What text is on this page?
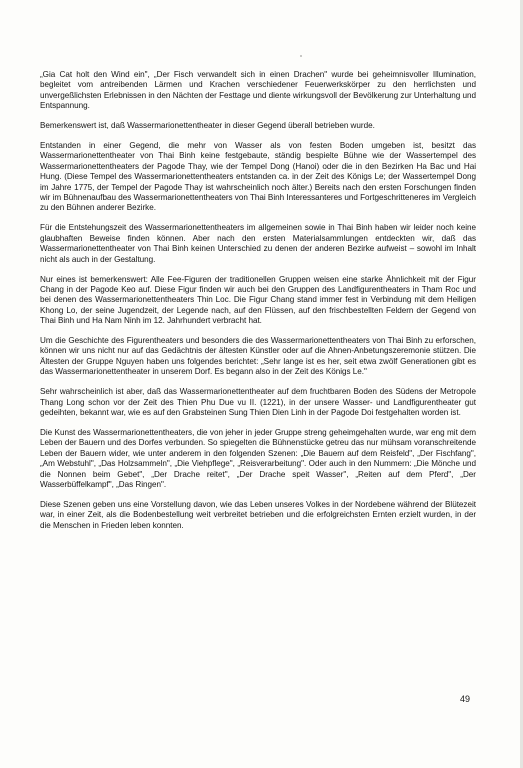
„Gia Cat holt den Wind ein", „Der Fisch verwandelt sich in einen Drachen" wurde bei geheimnisvoller Illumination, begleitet vom antreibenden Lärmen und Krachen verschiedener Feuerwerkskörper zu den herrlichsten und unvergeßlichsten Erlebnissen in den Nächten der Festtage und diente wirkungsvoll der Bevölkerung zur Unterhaltung und Entspannung.

Bemerkenswert ist, daß Wassermarionettentheater in dieser Gegend überall betrieben wurde.

Entstanden in einer Gegend, die mehr von Wasser als von festen Boden umgeben ist, besitzt das Wassermarionettentheater von Thai Binh keine festgebaute, ständig bespielte Bühne wie der Wassertempel des Wassermarionettentheaters der Pagode Thay, wie der Tempel Dong (Hanoi) oder die in den Bezirken Ha Bac und Hai Hung. (Diese Tempel des Wassermarionettentheaters entstanden ca. in der Zeit des Königs Le; der Wassertempel Dong im Jahre 1775, der Tempel der Pagode Thay ist wahrscheinlich noch älter.) Bereits nach den ersten Forschungen finden wir im Bühnenaufbau des Wassermarionettentheaters von Thai Binh Interessanteres und Fortgeschritteneres im Vergleich zu den Bühnen anderer Bezirke.

Für die Entstehungszeit des Wassermarionettentheaters im allgemeinen sowie in Thai Binh haben wir leider noch keine glaubhaften Beweise finden können. Aber nach den ersten Materialsammlungen entdeckten wir, daß das Wassermarionettentheater von Thai Binh keinen Unterschied zu denen der anderen Bezirke aufweist – sowohl im Inhalt nicht als auch in der Gestaltung.

Nur eines ist bemerkenswert: Alle Fee-Figuren der traditionellen Gruppen weisen eine starke Ähnlichkeit mit der Figur Chang in der Pagode Keo auf. Diese Figur finden wir auch bei den Gruppen des Landfigurentheaters in Tham Roc und bei denen des Wassermarionettentheaters Thin Loc. Die Figur Chang stand immer fest in Verbindung mit dem Heiligen Khong Lo, der seine Jugendzeit, der Legende nach, auf den Flüssen, auf den frischbestellten Feldern der Gegend von Thai Binh und Ha Nam Ninh im 12. Jahrhundert verbracht hat.

Um die Geschichte des Figurentheaters und besonders die des Wassermarionettentheaters von Thai Binh zu erforschen, können wir uns nicht nur auf das Gedächtnis der ältesten Künstler oder auf die Ahnen-Anbetungszeremonie stützen. Die Ältesten der Gruppe Nguyen haben uns folgendes berichtet: „Sehr lange ist es her, seit etwa zwölf Generationen gibt es das Wassermarionettentheater in unserem Dorf. Es begann also in der Zeit des Königs Le."

Sehr wahrscheinlich ist aber, daß das Wassermarionettentheater auf dem fruchtbaren Boden des Südens der Metropole Thang Long schon vor der Zeit des Thien Phu Due vu II. (1221), in der unsere Wasser- und Landfigurentheater gut gedeihten, bekannt war, wie es auf den Grabsteinen Sung Thien Dien Linh in der Pagode Doi festgehalten worden ist.

Die Kunst des Wassermarionettentheaters, die von jeher in jeder Gruppe streng geheimgehalten wurde, war eng mit dem Leben der Bauern und des Dorfes verbunden. So spiegelten die Bühnenstücke getreu das nur mühsam voranschreitende Leben der Bauern wider, wie unter anderem in den folgenden Szenen: „Die Bauern auf dem Reisfeld", „Der Fischfang", „Am Webstuhl", „Das Holzsammeln", „Die Viehpflege", „Reisverarbeitung". Oder auch in den Nummern: „Die Mönche und die Nonnen beim Gebet", „Der Drache reitet", „Der Drache speit Wasser", „Reiten auf dem Pferd", „Der Wasserbüffelkampf", „Das Ringen".

Diese Szenen geben uns eine Vorstellung davon, wie das Leben unseres Volkes in der Nordebene während der Blütezeit war, in einer Zeit, als die Bodenbestellung weit verbreitet betrieben und die erfolgreichsten Ernten erzielt wurden, in der die Menschen in Frieden leben konnten.

49
